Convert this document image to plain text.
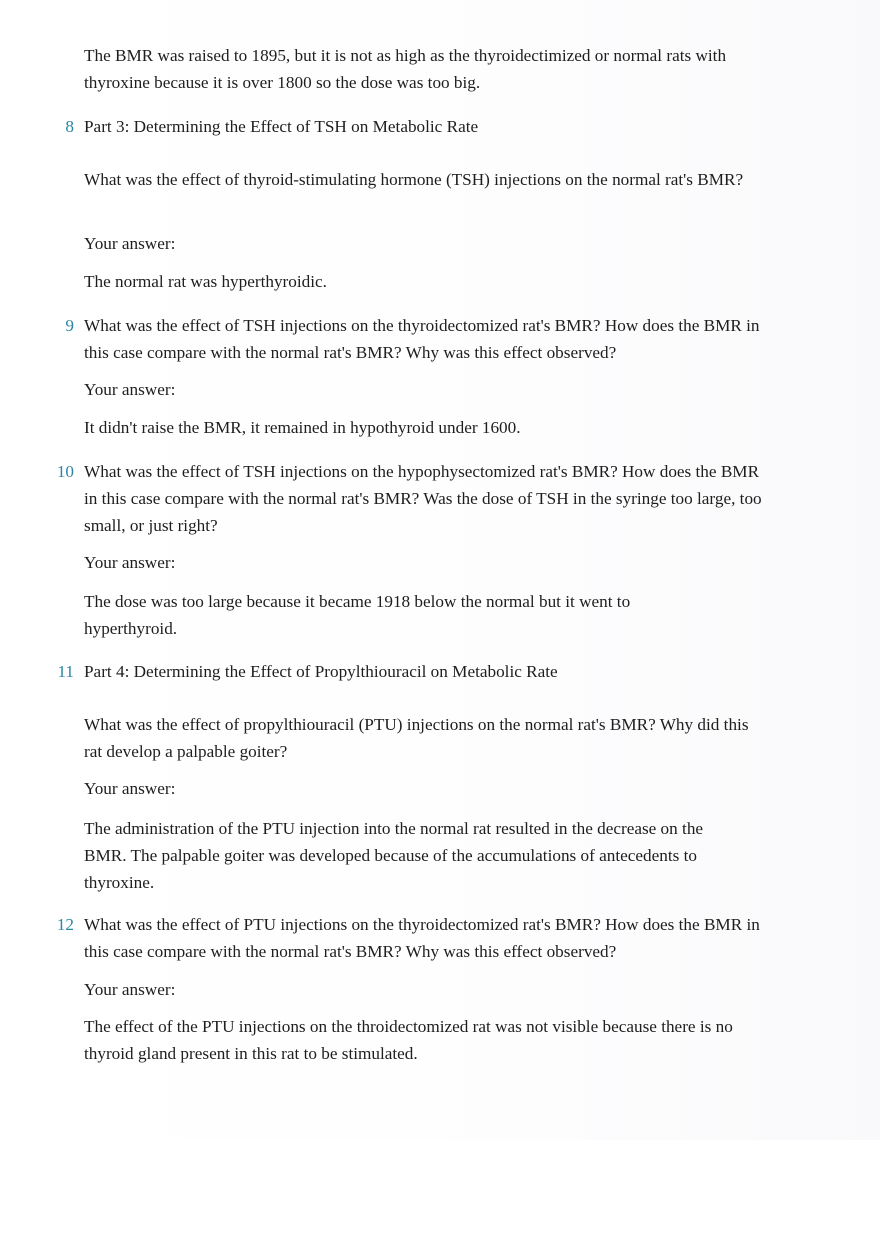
The BMR was raised to 1895, but it is not as high as the thyroidectimized or normal rats with thyroxine because it is over 1800 so the dose was too big.
8 Part 3: Determining the Effect of TSH on Metabolic Rate
What was the effect of thyroid-stimulating hormone (TSH) injections on the normal rat's BMR?
Your answer:
The normal rat was hyperthyroidic.
9 What was the effect of TSH injections on the thyroidectomized rat's BMR? How does the BMR in this case compare with the normal rat's BMR? Why was this effect observed?
Your answer:
It didn't raise the BMR, it remained in hypothyroid under 1600.
10 What was the effect of TSH injections on the hypophysectomized rat's BMR? How does the BMR in this case compare with the normal rat's BMR? Was the dose of TSH in the syringe too large, too small, or just right?
Your answer:
The dose was too large because it became 1918 below the normal but it went to hyperthyroid.
11 Part 4: Determining the Effect of Propylthiouracil on Metabolic Rate
What was the effect of propylthiouracil (PTU) injections on the normal rat's BMR? Why did this rat develop a palpable goiter?
Your answer:
The administration of the PTU injection into the normal rat resulted in the decrease on the BMR. The palpable goiter was developed because of the accumulations of antecedents to thyroxine.
12 What was the effect of PTU injections on the thyroidectomized rat's BMR? How does the BMR in this case compare with the normal rat's BMR? Why was this effect observed?
Your answer:
The effect of the PTU injections on the throidectomized rat was not visible because there is no thyroid gland present in this rat to be stimulated.
